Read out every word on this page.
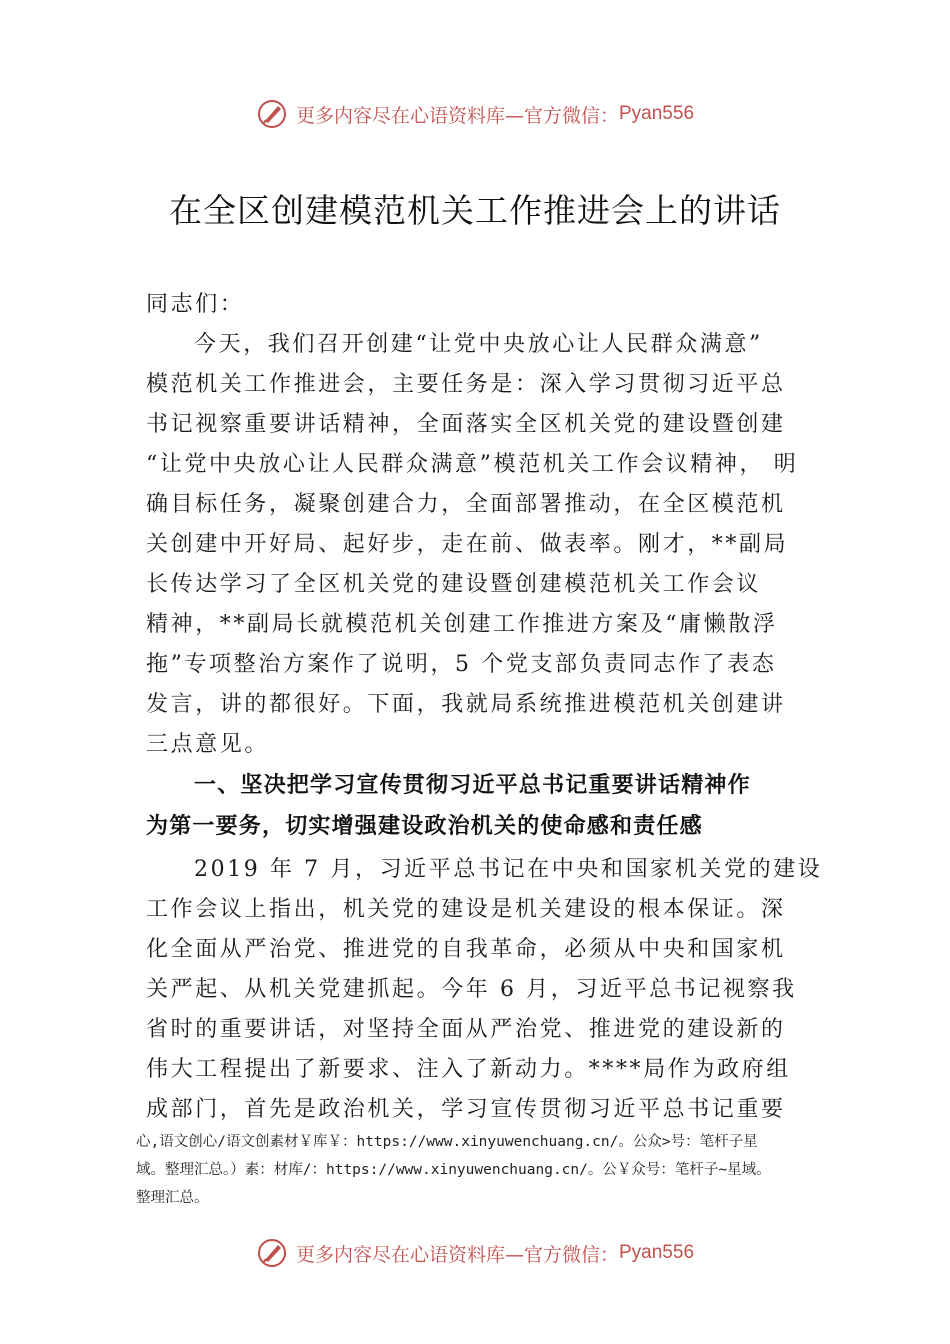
更多内容尽在心语资料库—官方微信： Pyan556
在全区创建模范机关工作推进会上的讲话
同志们：
今天，我们召开创建“让党中央放心让人民群众满意”
模范机关工作推进会，主要任务是：深入学习贯彻习近平总
书记视察重要讲话精神，全面落实全区机关党的建设暨创建
“让党中央放心让人民群众满意”模范机关工作会议精神， 明
确目标任务，凝聚创建合力，全面部署推动，在全区模范机
关创建中开好局、起好步，走在前、做表率。刚才，**副局
长传达学习了全区机关党的建设暨创建模范机关工作会议
精神，**副局长就模范机关创建工作推进方案及“庸懒散浮
拖”专项整治方案作了说明，5 个党支部负责同志作了表态
发言，讲的都很好。下面，我就局系统推进模范机关创建讲
三点意见。
一、坚决把学习宣传贯彻习近平总书记重要讲话精神作
为第一要务，切实增强建设政治机关的使命感和责任感
2019 年 7 月，习近平总书记在中央和国家机关党的建设
工作会议上指出，机关党的建设是机关建设的根本保证。深
化全面从严治党、推进党的自我革命，必须从中央和国家机
关严起、从机关党建抓起。今年 6 月，习近平总书记视察我
省时的重要讲话，对坚持全面从严治党、推进党的建设新的
伟大工程提出了新要求、注入了新动力。****局作为政府组
成部门，首先是政治机关，学习宣传贯彻习近平总书记重要
心,语文创心/语文创素材￥库￥：https://www.xinyuwenchuang.cn/。公众>号：笔杆子星
域。整理汇总。）素：材库/：https://www.xinyuwenchuang.cn/。公￥众号：笔杆子~星域。
整理汇总。
更多内容尽在心语资料库—官方微信： Pyan556
